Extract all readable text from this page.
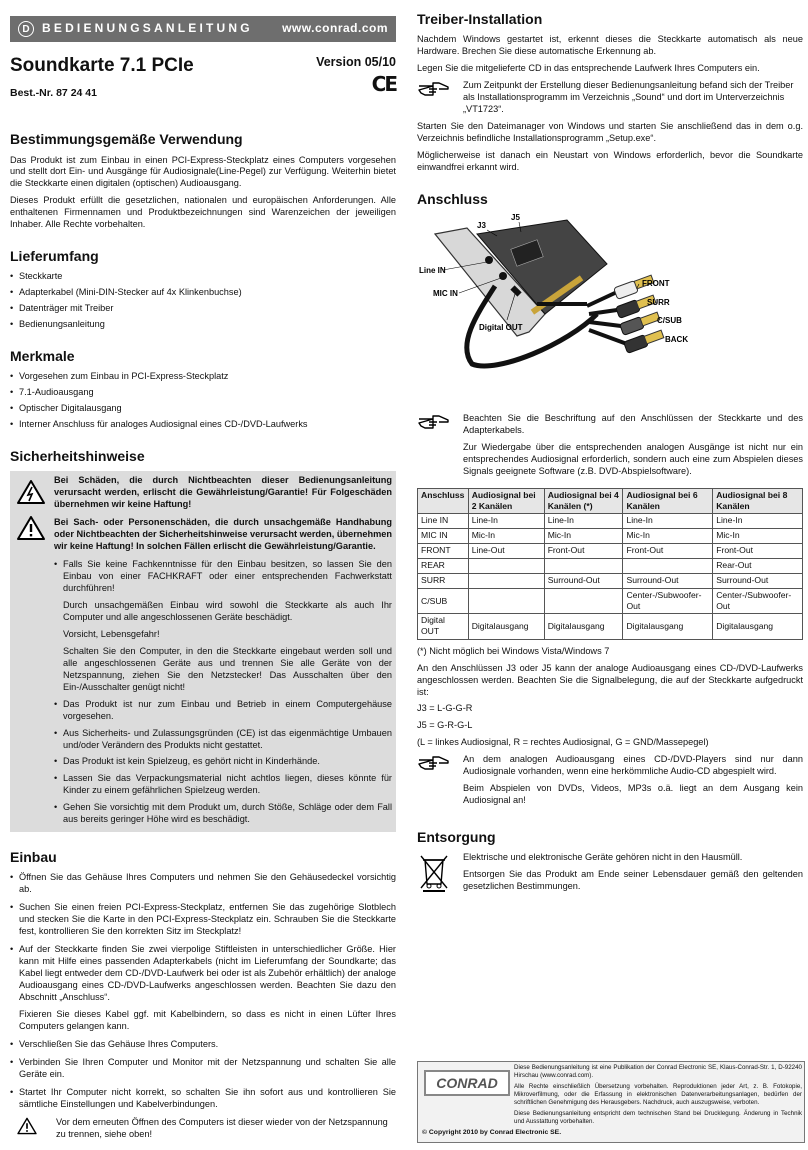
D	BEDIENUNGSANLEITUNG	www.conrad.com
Soundkarte 7.1 PCIe
Best.-Nr. 87 24 41
Version 05/10
CE
Bestimmungsgemäße Verwendung

Das Produkt ist zum Einbau in einen PCI-Express-Steckplatz eines Computers vorgesehen und stellt dort Ein- und Ausgänge für Audiosignale(Line-Pegel) zur Verfügung. Weiterhin bietet die Steckkarte einen digitalen (optischen) Audioausgang.

Dieses Produkt erfüllt die gesetzlichen, nationalen und europäischen Anforderungen. Alle enthaltenen Firmennamen und Produktbezeichnungen sind Warenzeichen der jeweiligen Inhaber. Alle Rechte vorbehalten.

Lieferumfang
• Steckkarte
• Adapterkabel (Mini-DIN-Stecker auf 4x Klinkenbuchse)
• Datenträger mit Treiber
• Bedienungsanleitung
Merkmale
• Vorgesehen zum Einbau in PCI-Express-Steckplatz
• 7.1-Audioausgang
• Optischer Digitalausgang
• Interner Anschluss für analoges Audiosignal eines CD-/DVD-Laufwerks
Sicherheitshinweise

Bei Schäden, die durch Nichtbeachten dieser Bedienungsanleitung verursacht werden, erlischt die Gewährleistung/Garantie! Für Folgeschäden übernehmen wir keine Haftung!

Bei Sach- oder Personenschäden, die durch unsachgemäße Handhabung oder Nichtbeachten der Sicherheitshinweise verursacht werden, übernehmen wir keine Haftung! In solchen Fällen erlischt die Gewährleistung/Garantie.

• Falls Sie keine Fachkenntnisse für den Einbau besitzen, so lassen Sie den Einbau von einer FACHKRAFT oder einer entsprechenden Fachwerkstatt durchführen!

Durch unsachgemäßen Einbau wird sowohl die Steckkarte als auch Ihr Computer und alle angeschlossenen Geräte beschädigt.

Vorsicht, Lebensgefahr!

Schalten Sie den Computer, in den die Steckkarte eingebaut werden soll und alle angeschlossenen Geräte aus und trennen Sie alle Geräte von der Netzspannung, ziehen Sie den Netzstecker! Das Ausschalten über den Ein-/Ausschalter genügt nicht!

• Das Produkt ist nur zum Einbau und Betrieb in einem Computergehäuse vorgesehen.
• Aus Sicherheits- und Zulassungsgründen (CE) ist das eigenmächtige Umbauen und/oder Verändern des Produkts nicht gestattet.
• Das Produkt ist kein Spielzeug, es gehört nicht in Kinderhände.
• Lassen Sie das Verpackungsmaterial nicht achtlos liegen, dieses könnte für Kinder zu einem gefährlichen Spielzeug werden.
• Gehen Sie vorsichtig mit dem Produkt um, durch Stöße, Schläge oder dem Fall aus bereits geringer Höhe wird es beschädigt.
Einbau
• Öffnen Sie das Gehäuse Ihres Computers und nehmen Sie den Gehäusedeckel vorsichtig ab.
• Suchen Sie einen freien PCI-Express-Steckplatz, entfernen Sie das zugehörige Slotblech und stecken Sie die Karte in den PCI-Express-Steckplatz ein. Schrauben Sie die Steckkarte fest, kontrollieren Sie den korrekten Sitz im Steckplatz!

• Auf der Steckkarte finden Sie zwei vierpolige Stiftleisten in unterschiedlicher Größe. Hier kann mit Hilfe eines passenden Adapterkabels (nicht im Lieferumfang der Soundkarte; das Kabel liegt entweder dem CD-/DVD-Laufwerk bei oder ist als Zubehör erhältlich) der analoge Audioausgang eines CD-/DVD-Laufwerks angeschlossen werden. Beachten Sie dazu den Abschnitt „Anschluss“.

Fixieren Sie dieses Kabel ggf. mit Kabelbindern, so dass es nicht in einen Lüfter Ihres Computers gelangen kann.

• Verschließen Sie das Gehäuse Ihres Computers.
• Verbinden Sie Ihren Computer und Monitor mit der Netzspannung und schalten Sie alle Geräte ein.
• Startet Ihr Computer nicht korrekt, so schalten Sie ihn sofort aus und kontrollieren Sie sämtliche Einstellungen und Kabelverbindungen.
Vor dem erneuten Öffnen des Computers ist dieser wieder von der Netzspannung zu trennen, siehe oben!
Treiber-Installation

Nachdem Windows gestartet ist, erkennt dieses die Steckkarte automatisch als neue Hardware. Brechen Sie diese automatische Erkennung ab.

Legen Sie die mitgelieferte CD in das entsprechende Laufwerk Ihres Computers ein.

Zum Zeitpunkt der Erstellung dieser Bedienungsanleitung befand sich der Treiber als Installationsprogramm im Verzeichnis „Sound“ und dort im Unterverzeichnis „VT1723“.

Starten Sie den Dateimanager von Windows und starten Sie anschließend das in dem o.g. Verzeichnis befindliche Installationsprogramm „Setup.exe“.

Möglicherweise ist danach ein Neustart von Windows erforderlich, bevor die Soundkarte einwandfrei erkannt wird.

Anschluss
J3
J5
Line IN
MIC IN
Digital OUT
FRONT
SURR
C/SUB
BACK

Beachten Sie die Beschriftung auf den Anschlüssen der Steckkarte und des Adapterkabels.

Zur Wiedergabe über die entsprechenden analogen Ausgänge ist nicht nur ein entsprechendes Audiosignal erforderlich, sondern auch eine zum Abspielen dieses Signals geeignete Software (z.B. DVD-Abspielsoftware).

Anschluss	Audiosignal bei 2 Kanälen	Audiosignal bei 4 Kanälen (*)	Audiosignal bei 6 Kanälen	Audiosignal bei 8 Kanälen
Line IN	Line-In	Line-In	Line-In	Line-In
MIC IN	Mic-In	Mic-In	Mic-In	Mic-In
FRONT	Line-Out	Front-Out	Front-Out	Front-Out
REAR				Rear-Out
SURR		Surround-Out	Surround-Out	Surround-Out
C/SUB			Center-/Subwoofer-Out	Center-/Subwoofer-Out
Digital OUT	Digitalausgang	Digitalausgang	Digitalausgang	Digitalausgang

(*) Nicht möglich bei Windows Vista/Windows 7

An den Anschlüssen J3 oder J5 kann der analoge Audioausgang eines CD-/DVD-Laufwerks angeschlossen werden. Beachten Sie die Signalbelegung, die auf der Steckkarte aufgedruckt ist:

J3 = L-G-G-R

J5 = G-R-G-L

(L = linkes Audiosignal, R = rechtes Audiosignal, G = GND/Massepegel)

An dem analogen Audioausgang eines CD-/DVD-Players sind nur dann Audiosignale vorhanden, wenn eine herkömmliche Audio-CD abgespielt wird.

Beim Abspielen von DVDs, Videos, MP3s o.ä. liegt an dem Ausgang kein Audiosignal an!

Entsorgung

Elektrische und elektronische Geräte gehören nicht in den Hausmüll.

Entsorgen Sie das Produkt am Ende seiner Lebensdauer gemäß den geltenden gesetzlichen Bestimmungen.

CONRAD

Diese Bedienungsanleitung ist eine Publikation der Conrad Electronic SE, Klaus-Conrad-Str. 1, D-92240 Hirschau (www.conrad.com).

Alle Rechte einschließlich Übersetzung vorbehalten. Reproduktionen jeder Art, z. B. Fotokopie, Mikroverfilmung, oder die Erfassung in elektronischen Datenverarbeitungsanlagen, bedürfen der schriftlichen Genehmigung des Herausgebers. Nachdruck, auch auszugsweise, verboten.

Diese Bedienungsanleitung entspricht dem technischen Stand bei Drucklegung. Änderung in Technik und Ausstattung vorbehalten.

© Copyright 2010 by Conrad Electronic SE.
